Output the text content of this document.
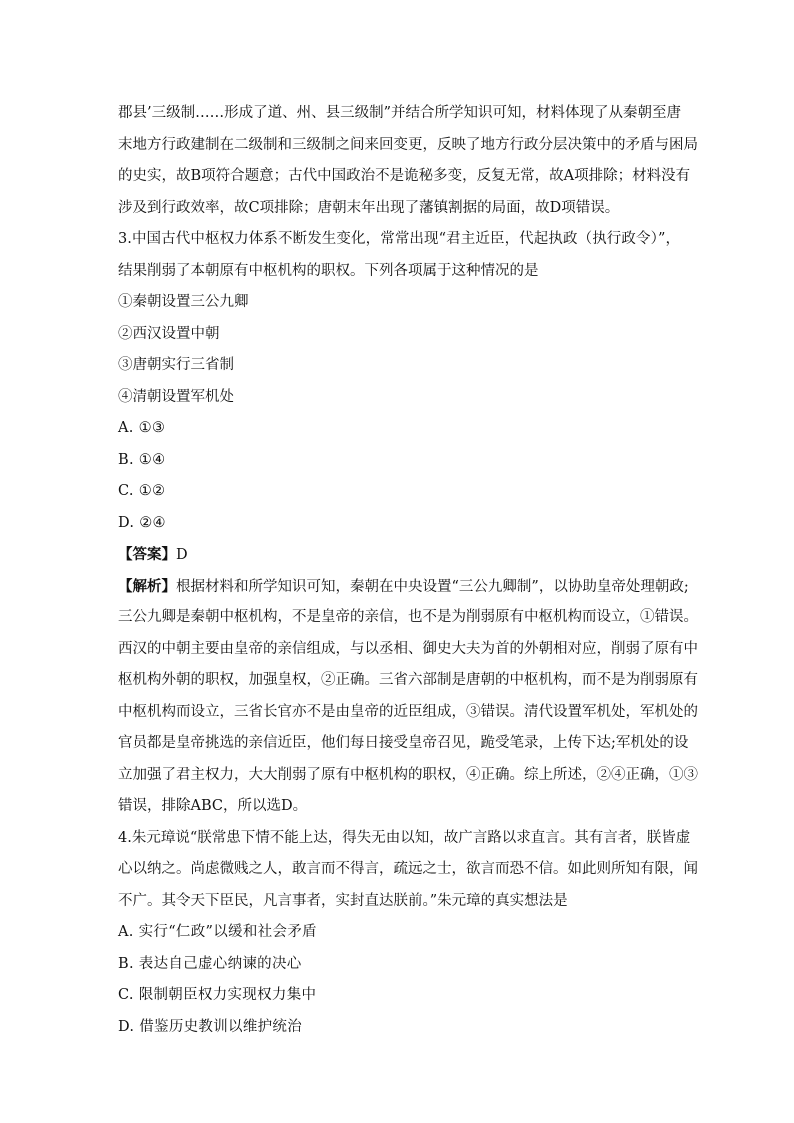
郡县’三级制……形成了道、州、县三级制”并结合所学知识可知，材料体现了从秦朝至唐
末地方行政建制在二级制和三级制之间来回变更，反映了地方行政分层决策中的矛盾与困局
的史实，故B项符合题意；古代中国政治不是诡秘多变，反复无常，故A项排除；材料没有
涉及到行政效率，故C项排除；唐朝末年出现了藩镇割据的局面，故D项错误。
3.中国古代中枢权力体系不断发生变化，常常出现“君主近臣，代起执政（执行政令）”，
结果削弱了本朝原有中枢机构的职权。下列各项属于这种情况的是
①秦朝设置三公九卿
②西汉设置中朝
③唐朝实行三省制
④清朝设置军机处
A. ①③
B. ①④
C. ①②
D. ②④
【答案】D
【解析】根据材料和所学知识可知，秦朝在中央设置“三公九卿制”，以协助皇帝处理朝政;
三公九卿是秦朝中枢机构，不是皇帝的亲信，也不是为削弱原有中枢机构而设立，①错误。
西汉的中朝主要由皇帝的亲信组成，与以丞相、御史大夫为首的外朝相对应，削弱了原有中
枢机构外朝的职权，加强皇权，②正确。三省六部制是唐朝的中枢机构，而不是为削弱原有
中枢机构而设立，三省长官亦不是由皇帝的近臣组成，③错误。清代设置军机处，军机处的
官员都是皇帝挑选的亲信近臣，他们每日接受皇帝召见，跪受笔录，上传下达;军机处的设
立加强了君主权力，大大削弱了原有中枢机构的职权，④正确。综上所述，②④正确，①③
错误，排除ABC，所以选D。
4.朱元璋说“朕常患下情不能上达，得失无由以知，故广言路以求直言。其有言者，朕皆虚
心以纳之。尚虑微贱之人，敢言而不得言，疏远之士，欲言而恐不信。如此则所知有限，闻
不广。其令天下臣民，凡言事者，实封直达朕前。”朱元璋的真实想法是
A. 实行“仁政”以缓和社会矛盾
B. 表达自己虚心纳谏的决心
C. 限制朝臣权力实现权力集中
D. 借鉴历史教训以维护统治
